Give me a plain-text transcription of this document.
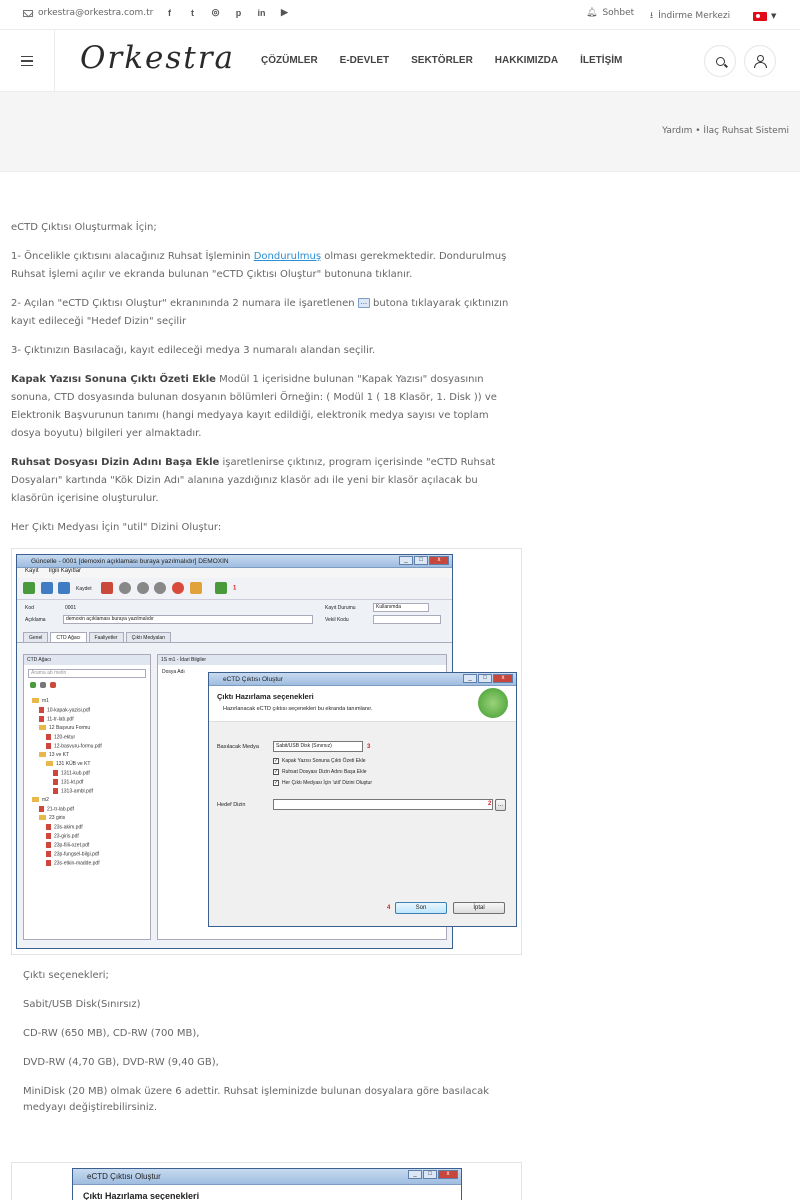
orkestra@orkestra.com.tr	f	t	◎	p	in	▶	🔔︎ Sohbet ⭳ İndirme Merkezi	▼
Orkestra	ÇÖZÜMLER E-DEVLET SEKTÖRLER HAKKIMIZDA İLETİŞİM
Yardım • İlaç Ruhsat Sistemi

eCTD Çıktısı Oluşturmak İçin;

1- Öncelikle çıktısını alacağınız Ruhsat İşleminin Dondurulmuş olması gerekmektedir. Dondurulmuş Ruhsat İşlemi açılır ve ekranda bulunan "eCTD Çıktısı Oluştur" butonuna tıklanır.

2- Açılan "eCTD Çıktısı Oluştur" ekranınında 2 numara ile işaretlenen ... butona tıklayarak çıktınızın kayıt edileceği "Hedef Dizin" seçilir

3- Çıktınızın Basılacağı, kayıt edileceği medya 3 numaralı alandan seçilir.

Kapak Yazısı Sonuna Çıktı Özeti Ekle Modül 1 içerisidne bulunan "Kapak Yazısı" dosyasının sonuna, CTD dosyasında bulunan dosyanın bölümleri Örneğin: ( Modül 1 ( 18 Klasör, 1. Disk )) ve Elektronik Başvurunun tanımı (hangi medyaya kayıt edildiği, elektronik medya sayısı ve toplam dosya boyutu) bilgileri yer almaktadır.

Ruhsat Dosyası Dizin Adını Başa Ekle işaretlenirse çıktınız, program içerisinde "eCTD Ruhsat Dosyaları" kartında "Kök Dizin Adı" alanına yazdığınız klasör adı ile yeni bir klasör açılacak bu klasörün içerisine oluşturulur.

Her Çıktı Medyası İçin "util" Dizini Oluştur:

Güncelle - 0001 [demoxin açıklaması buraya yazılmalıdır] DEMOXIN	_	□	x
Kayıt İlgili Kayıtlar
Kaydet	1
Kod	0001
Açıklama	demoxin açıklaması buraya yazılmalıdır
Kayıt Durumu	Kullanımda
Vekil Kodu
Genel	CTD Ağacı	Faaliyetler	Çıktı Medyaları
CTD Ağacı
Arama ab metin
m1
10-kapak-yazisi.pdf
11-tr-lab.pdf
12 Başvuru Formu
120-ektur
12-basvuru-formu.pdf
13 ve KT
131 KÜB ve KT
1311-kub.pdf
131-kt.pdf
1313-ambl.pdf
m2
21-tr-lab.pdf
23 giris
23s-akim.pdf
23-giris.pdf
23p-fiili-ozet.pdf
23p-fungsel-bilgi.pdf
23s-etkin-madde.pdf
1S m1 - İdari Bilgiler
Dosya Adı
eCTD Çıktısı Oluştur	_	□	x
Çıktı Hazırlama seçenekleri
Hazırlanacak eCTD çıktısı seçenekleri bu ekranda tanımlanır.
Basılacak Medya	Sabit/USB Disk (Sınırsız)	3
✓ Kapak Yazısı Sonuna Çıktı Özeti Ekle
✓ Ruhsat Dosyası Dizin Adını Başa Ekle
✓ Her Çıktı Medyası İçin 'util' Dizini Oluştur
Hedef Dizin	2	...
4	Son	İptal

Çıktı seçenekleri;

Sabit/USB Disk(Sınırsız)

CD-RW (650 MB), CD-RW (700 MB),

DVD-RW (4,70 GB), DVD-RW (9,40 GB),

MiniDisk (20 MB) olmak üzere 6 adettir. Ruhsat işleminizde bulunan dosyalara göre basılacak medyayı değiştirebilirsiniz.

eCTD Çıktısı Oluştur	_	□	x
Çıktı Hazırlama seçenekleri
